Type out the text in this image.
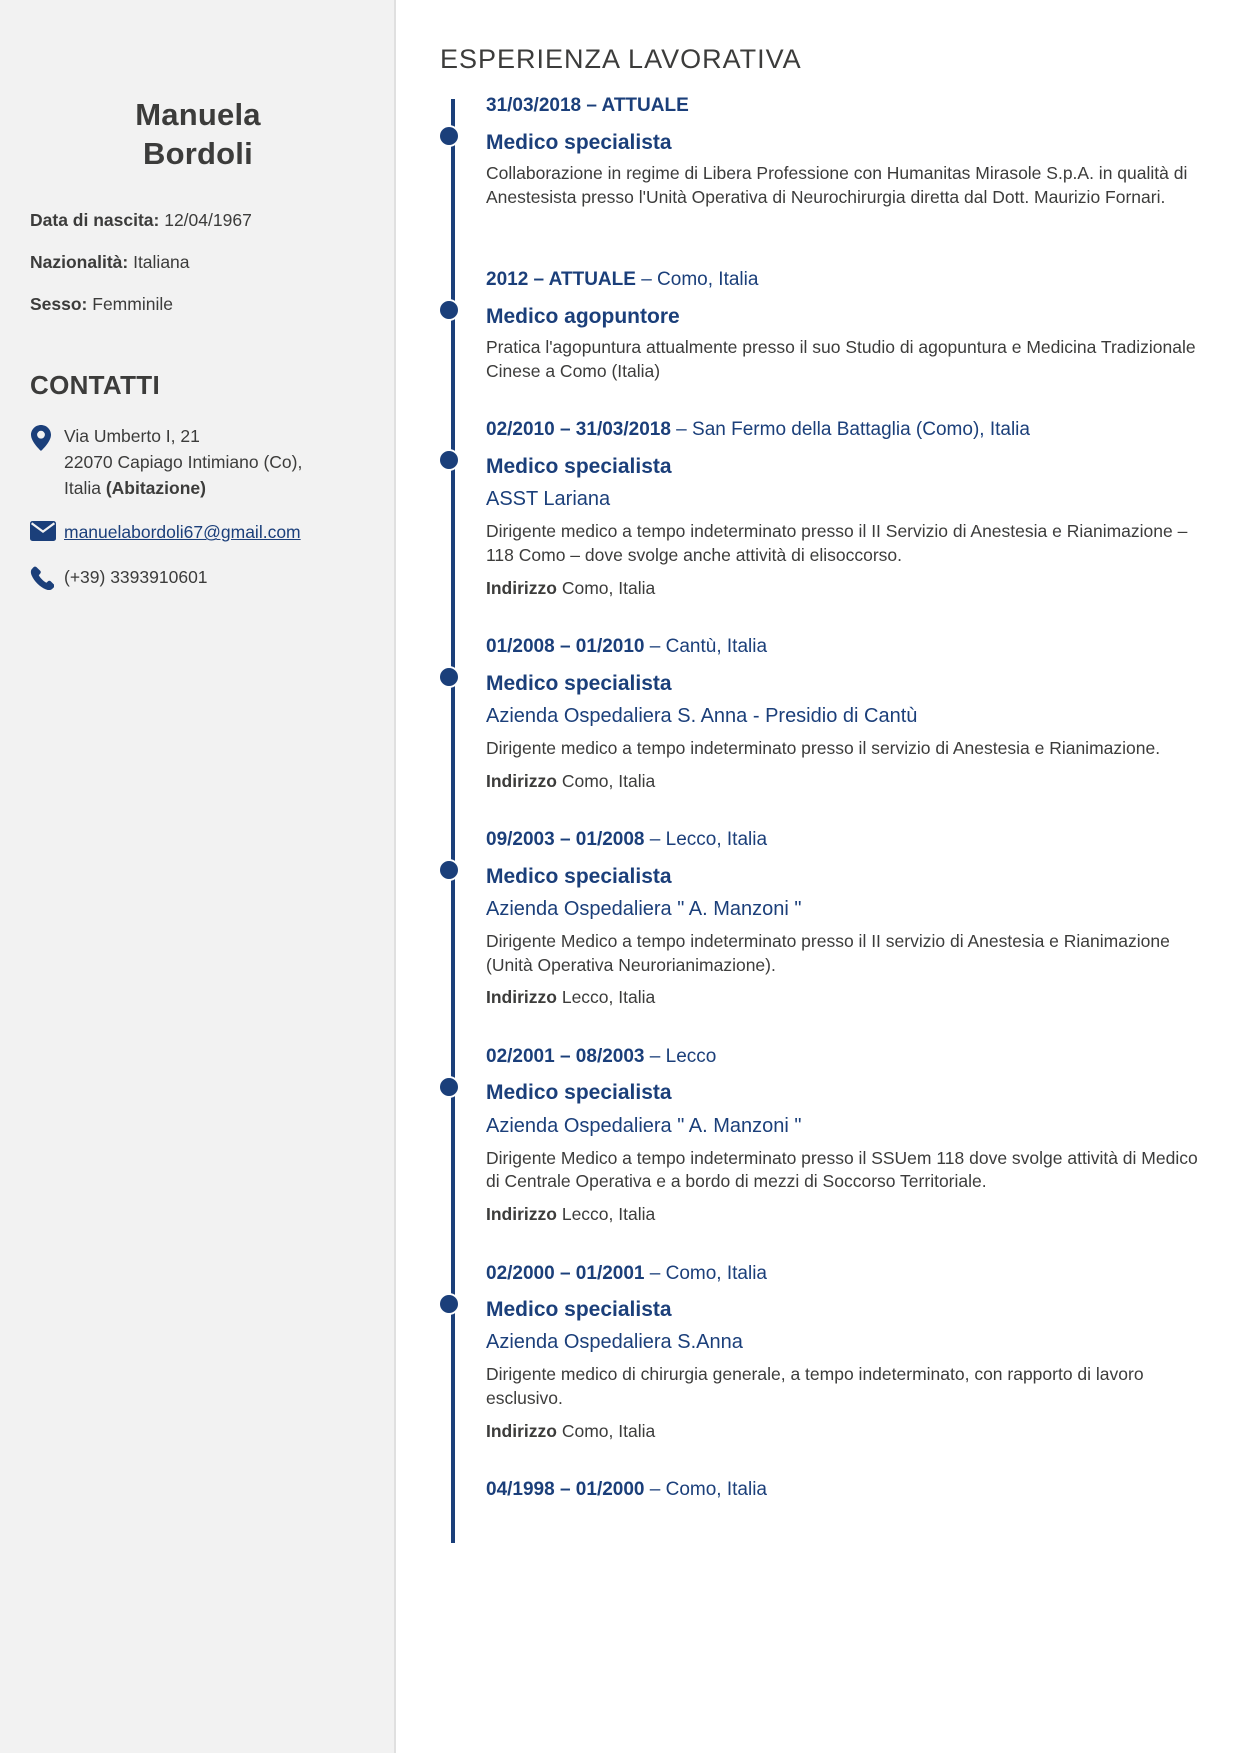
Manuela
Bordoli
Data di nascita: 12/04/1967
Nazionalità: Italiana
Sesso: Femminile
CONTATTI
Via Umberto I, 21
22070 Capiago Intimiano (Co),
Italia (Abitazione)
manuelabordoli67@gmail.com
(+39) 3393910601
ESPERIENZA LAVORATIVA
31/03/2018 – ATTUALE
Medico specialista
Collaborazione in regime di Libera Professione con Humanitas Mirasole S.p.A. in qualità di Anestesista presso l'Unità Operativa di Neurochirurgia diretta dal Dott. Maurizio Fornari.
2012 – ATTUALE – Como, Italia
Medico agopuntore
Pratica l'agopuntura attualmente presso il suo Studio di agopuntura e Medicina Tradizionale Cinese a Como (Italia)
02/2010 – 31/03/2018 – San Fermo della Battaglia (Como), Italia
Medico specialista
ASST Lariana
Dirigente medico a tempo indeterminato presso il II Servizio di Anestesia e Rianimazione – 118 Como – dove svolge anche attività di elisoccorso.
Indirizzo Como, Italia
01/2008 – 01/2010 – Cantù, Italia
Medico specialista
Azienda Ospedaliera S. Anna - Presidio di Cantù
Dirigente medico a tempo indeterminato presso il servizio di Anestesia e Rianimazione.
Indirizzo Como, Italia
09/2003 – 01/2008 – Lecco, Italia
Medico specialista
Azienda Ospedaliera " A. Manzoni "
Dirigente Medico a tempo indeterminato presso il II servizio di Anestesia e Rianimazione (Unità Operativa Neurorianimazione).
Indirizzo Lecco, Italia
02/2001 – 08/2003 – Lecco
Medico specialista
Azienda Ospedaliera " A. Manzoni "
Dirigente Medico a tempo indeterminato presso il SSUem 118 dove svolge attività di Medico di Centrale Operativa e a bordo di mezzi di Soccorso Territoriale.
Indirizzo Lecco, Italia
02/2000 – 01/2001 – Como, Italia
Medico specialista
Azienda Ospedaliera S.Anna
Dirigente medico di chirurgia generale, a tempo indeterminato, con rapporto di lavoro esclusivo.
Indirizzo Como, Italia
04/1998 – 01/2000 – Como, Italia
